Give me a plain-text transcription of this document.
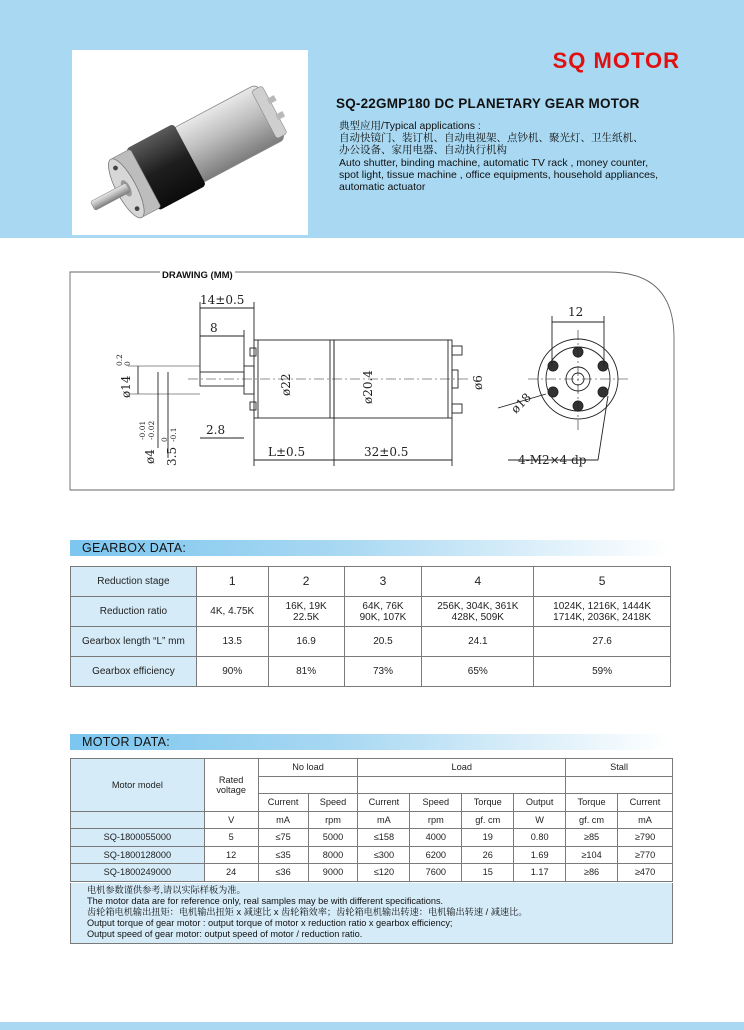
SQ MOTOR
SQ-22GMP180 DC PLANETARY GEAR MOTOR
典型应用/Typical applications :
自动快镜门、装订机、自动电视架、点钞机、聚光灯、卫生纸机、
办公设备、家用电器、自动执行机构
Auto shutter, binding machine, automatic TV rack , money counter,
spot light, tissue machine , office equipments, household appliances,
automatic actuator
14±0.5
8
2.8
L±0.5	32±0.5
12
4-M2×4 dp
ø22	ø20.4	ø6
ø18
ø14
0.2 0
ø4
-0.01 -0.02
3.5
0 -0.1
DRAWING (MM)
GEARBOX DATA:
Reduction stage	1	2	3	4	5
Reduction ratio	4K, 4.75K	16K, 19K
22.5K	64K, 76K
90K, 107K	256K, 304K, 361K
428K, 509K	1024K, 1216K, 1444K
1714K, 2036K, 2418K
Gearbox length “L” mm	13.5	16.9	20.5	24.1	27.6
Gearbox efficiency	90%	81%	73%	65%	59%
MOTOR DATA:
Motor model	Rated
voltage	No load		Load				Stall	

		Current	Speed	Current	Speed	Torque	Output	Torque	Current
	V	mA	rpm	mA	rpm	gf. cm	W	gf. cm	mA
SQ-1800055000	5	≤75	5000	≤158	4000	19	0.80	≥85	≥790
SQ-1800128000	12	≤35	8000	≤300	6200	26	1.69	≥104	≥770
SQ-1800249000	24	≤36	9000	≤120	7600	15	1.17	≥86	≥470
电机参数谨供参考,请以实际样板为准。
The motor data are for reference only, real samples may be with different specifications.
齿轮箱电机输出扭矩：电机输出扭矩 x 减速比 x 齿轮箱效率；齿轮箱电机输出转速：电机输出转速 / 减速比。
Output torque of gear motor : output torque of motor x reduction ratio x gearbox efficiency;
Output speed of gear motor: output speed of motor / reduction ratio.
